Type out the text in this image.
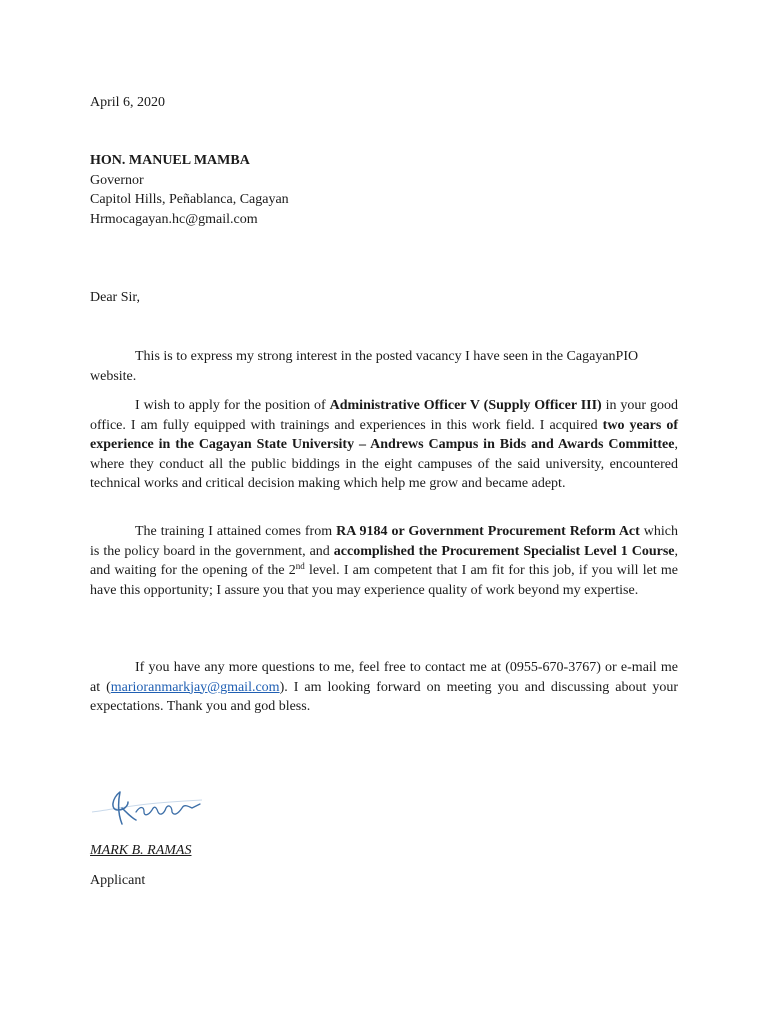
April 6, 2020
HON. MANUEL MAMBA
Governor
Capitol Hills, Peñablanca, Cagayan
Hrmocagayan.hc@gmail.com
Dear Sir,
This is to express my strong interest in the posted vacancy I have seen in the CagayanPIO
website.
I wish to apply for the position of Administrative Officer V (Supply Officer III) in your good office. I am fully equipped with trainings and experiences in this work field. I acquired two years of experience in the Cagayan State University – Andrews Campus in Bids and Awards Committee, where they conduct all the public biddings in the eight campuses of the said university, encountered technical works and critical decision making which help me grow and became adept.
The training I attained comes from RA 9184 or Government Procurement Reform Act which is the policy board in the government, and accomplished the Procurement Specialist Level 1 Course, and waiting for the opening of the 2nd level. I am competent that I am fit for this job, if you will let me have this opportunity; I assure you that you may experience quality of work beyond my expertise.
If you have any more questions to me, feel free to contact me at (0955-670-3767) or e-mail me at (marioranmarkjay@gmail.com). I am looking forward on meeting you and discussing about your expectations. Thank you and god bless.
MARK B. RAMAS
Applicant
